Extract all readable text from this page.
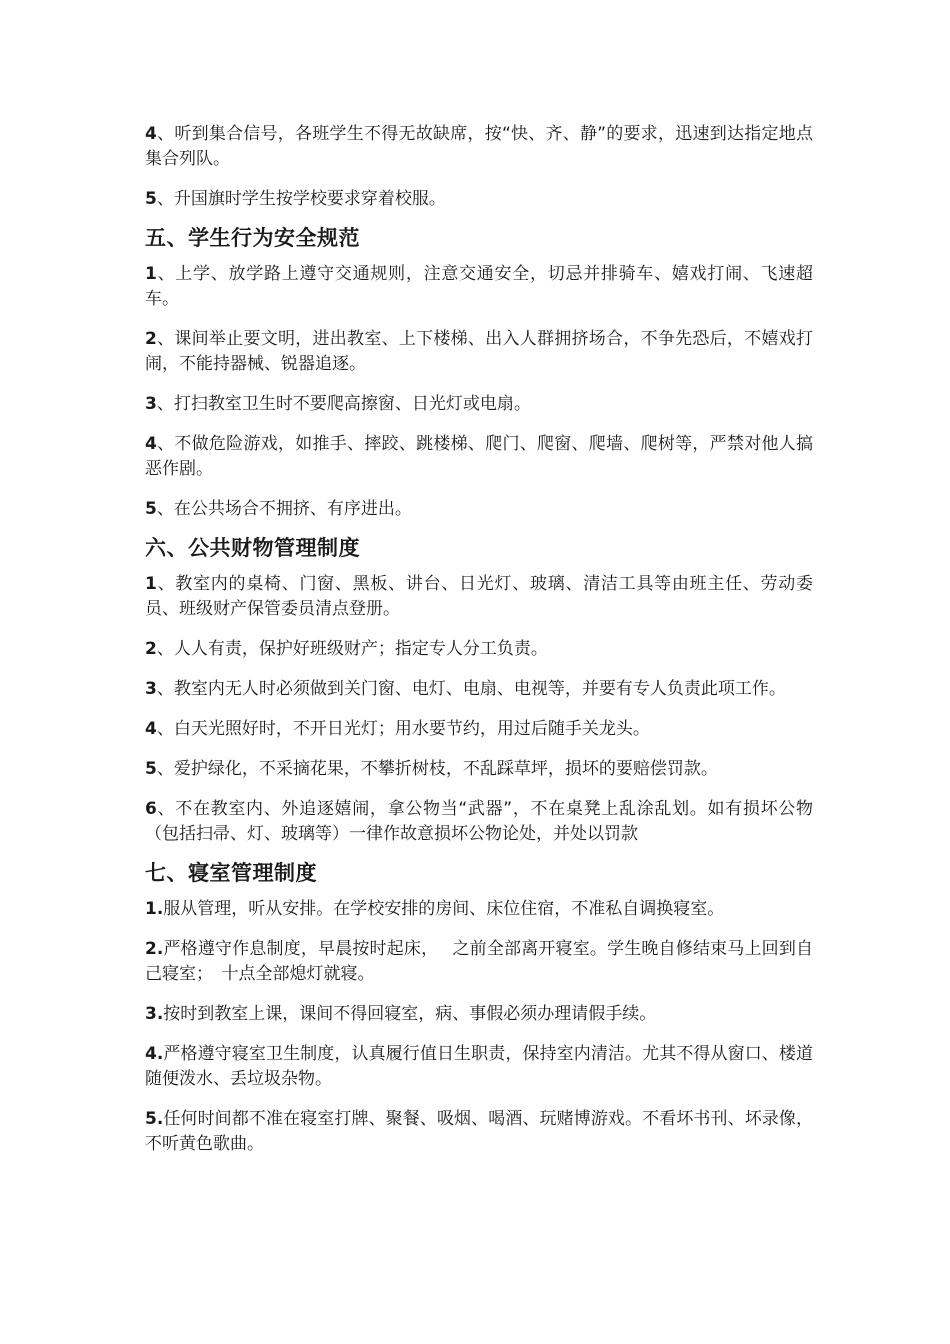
4、听到集合信号，各班学生不得无故缺席，按“快、齐、静”的要求，迅速到达指定地点集合列队。
5、升国旗时学生按学校要求穿着校服。
五、学生行为安全规范
1、上学、放学路上遵守交通规则，注意交通安全，切忌并排骑车、嬉戏打闹、飞速超车。
2、课间举止要文明，进出教室、上下楼梯、出入人群拥挤场合，不争先恐后，不嬉戏打闹，不能持器械、锐器追逐。
3、打扫教室卫生时不要爬高擦窗、日光灯或电扇。
4、不做危险游戏，如推手、摔跤、跳楼梯、爬门、爬窗、爬墙、爬树等，严禁对他人搞恶作剧。
5、在公共场合不拥挤、有序进出。
六、公共财物管理制度
1、教室内的桌椅、门窗、黑板、讲台、日光灯、玻璃、清洁工具等由班主任、劳动委员、班级财产保管委员清点登册。
2、人人有责，保护好班级财产；指定专人分工负责。
3、教室内无人时必须做到关门窗、电灯、电扇、电视等，并要有专人负责此项工作。
4、白天光照好时，不开日光灯；用水要节约，用过后随手关龙头。
5、爱护绿化，不采摘花果，不攀折树枝，不乱踩草坪，损坏的要赔偿罚款。
6、不在教室内、外追逐嬉闹，拿公物当“武器”，不在桌凳上乱涂乱划。如有损坏公物（包括扫帚、灯、玻璃等）一律作故意损坏公物论处，并处以罚款
七、寝室管理制度
1.服从管理，听从安排。在学校安排的房间、床位住宿，不准私自调换寝室。
2.严格遵守作息制度，早晨按时起床，　 之前全部离开寝室。学生晚自修结束马上回到自己寝室；　十点全部熄灯就寝。
3.按时到教室上课，课间不得回寝室，病、事假必须办理请假手续。
4.严格遵守寝室卫生制度，认真履行值日生职责，保持室内清洁。尤其不得从窗口、楼道随便泼水、丢垃圾杂物。
5.任何时间都不准在寝室打牌、聚餐、吸烟、喝酒、玩赌博游戏。不看坏书刊、坏录像，不听黄色歌曲。
